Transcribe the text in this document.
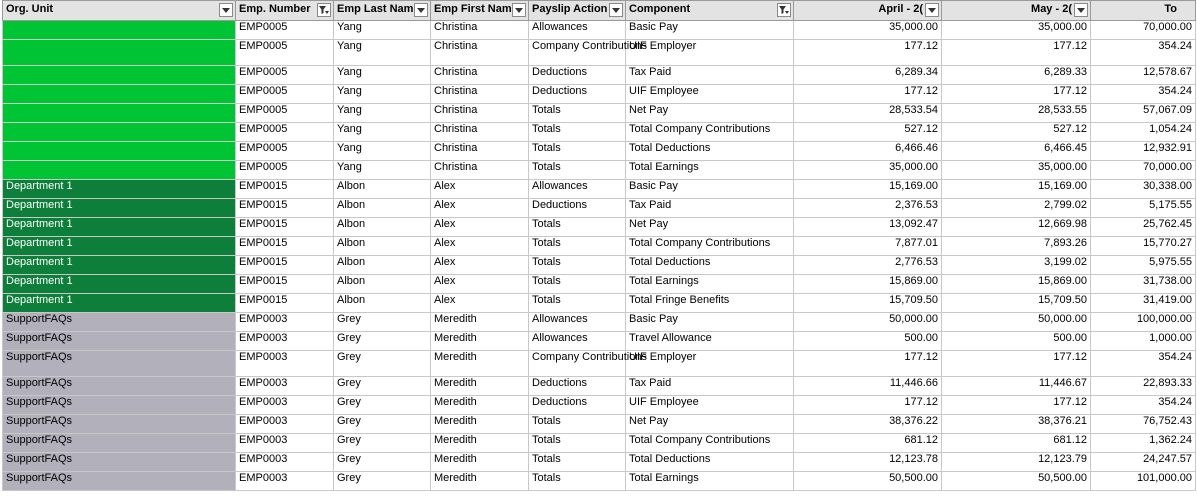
Org. Unit	Emp. Number	Emp Last Nam	Emp First Nam	Payslip Action	Component	April - 2(	May - 2(	To
	EMP0005	Yang	Christina	Allowances	Basic Pay	35,000.00	35,000.00	70,000.00
	EMP0005	Yang	Christina	Company Contributions	UIF Employer	177.12	177.12	354.24
	EMP0005	Yang	Christina	Deductions	Tax Paid	6,289.34	6,289.33	12,578.67
	EMP0005	Yang	Christina	Deductions	UIF Employee	177.12	177.12	354.24
	EMP0005	Yang	Christina	Totals	Net Pay	28,533.54	28,533.55	57,067.09
	EMP0005	Yang	Christina	Totals	Total Company Contributions	527.12	527.12	1,054.24
	EMP0005	Yang	Christina	Totals	Total Deductions	6,466.46	6,466.45	12,932.91
	EMP0005	Yang	Christina	Totals	Total Earnings	35,000.00	35,000.00	70,000.00
Department 1	EMP0015	Albon	Alex	Allowances	Basic Pay	15,169.00	15,169.00	30,338.00
Department 1	EMP0015	Albon	Alex	Deductions	Tax Paid	2,376.53	2,799.02	5,175.55
Department 1	EMP0015	Albon	Alex	Totals	Net Pay	13,092.47	12,669.98	25,762.45
Department 1	EMP0015	Albon	Alex	Totals	Total Company Contributions	7,877.01	7,893.26	15,770.27
Department 1	EMP0015	Albon	Alex	Totals	Total Deductions	2,776.53	3,199.02	5,975.55
Department 1	EMP0015	Albon	Alex	Totals	Total Earnings	15,869.00	15,869.00	31,738.00
Department 1	EMP0015	Albon	Alex	Totals	Total Fringe Benefits	15,709.50	15,709.50	31,419.00
SupportFAQs	EMP0003	Grey	Meredith	Allowances	Basic Pay	50,000.00	50,000.00	100,000.00
SupportFAQs	EMP0003	Grey	Meredith	Allowances	Travel Allowance	500.00	500.00	1,000.00
SupportFAQs	EMP0003	Grey	Meredith	Company Contributions	UIF Employer	177.12	177.12	354.24
SupportFAQs	EMP0003	Grey	Meredith	Deductions	Tax Paid	11,446.66	11,446.67	22,893.33
SupportFAQs	EMP0003	Grey	Meredith	Deductions	UIF Employee	177.12	177.12	354.24
SupportFAQs	EMP0003	Grey	Meredith	Totals	Net Pay	38,376.22	38,376.21	76,752.43
SupportFAQs	EMP0003	Grey	Meredith	Totals	Total Company Contributions	681.12	681.12	1,362.24
SupportFAQs	EMP0003	Grey	Meredith	Totals	Total Deductions	12,123.78	12,123.79	24,247.57
SupportFAQs	EMP0003	Grey	Meredith	Totals	Total Earnings	50,500.00	50,500.00	101,000.00
